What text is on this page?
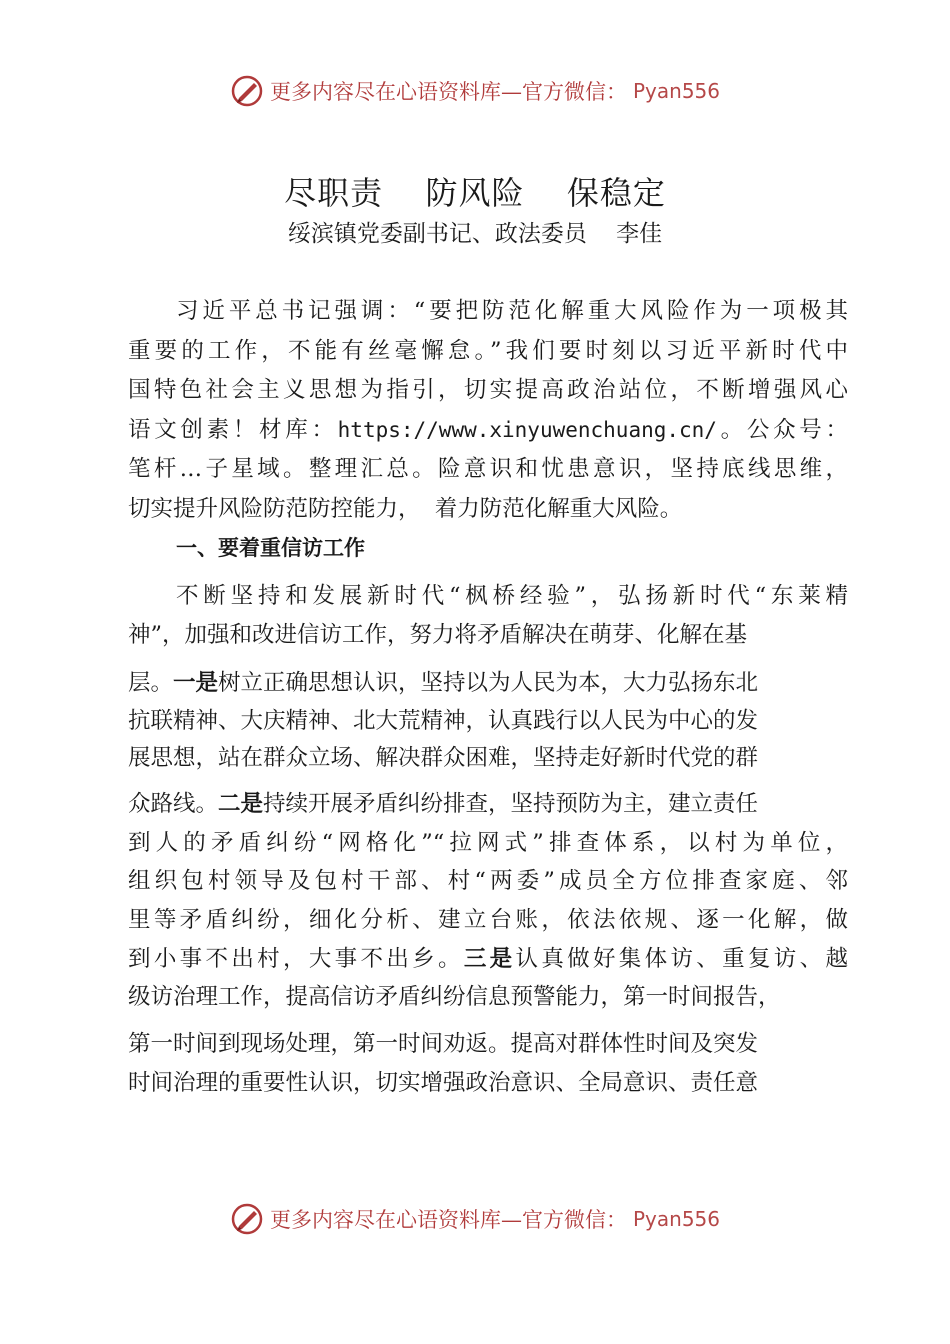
更多内容尽在心语资料库—官方微信： Pyan556
尽职责  防风险  保稳定
绥滨镇党委副书记、政法委员    李佳
习近平总书记强调：“要把防范化解重大风险作为一项极其
重要的工作，不能有丝毫懈怠。”我们要时刻以习近平新时代中
国特色社会主义思想为指引，切实提高政治站位，不断增强风心
语文创素！材库：https://www.xinyuwenchuang.cn/。公众号：
笔杆…子星域。整理汇总。险意识和忧患意识，坚持底线思维，
切实提升风险防范防控能力，  着力防范化解重大风险。
一、要着重信访工作
不断坚持和发展新时代“枫桥经验”，弘扬新时代“东莱精
神”，加强和改进信访工作，努力将矛盾解决在萌芽、化解在基
层。一是树立正确思想认识，坚持以为人民为本，大力弘扬东北
抗联精神、大庆精神、北大荒精神，认真践行以人民为中心的发
展思想，站在群众立场、解决群众困难，坚持走好新时代党的群
众路线。二是持续开展矛盾纠纷排查，坚持预防为主，建立责任
到人的矛盾纠纷“网格化”“拉网式”排查体系，以村为单位，
组织包村领导及包村干部、村“两委”成员全方位排查家庭、邻
里等矛盾纠纷，细化分析、建立台账，依法依规、逐一化解，做
到小事不出村，大事不出乡。三是认真做好集体访、重复访、越
级访治理工作，提高信访矛盾纠纷信息预警能力，第一时间报告，
第一时间到现场处理，第一时间劝返。提高对群体性时间及突发
时间治理的重要性认识，切实增强政治意识、全局意识、责任意
更多内容尽在心语资料库—官方微信： Pyan556
